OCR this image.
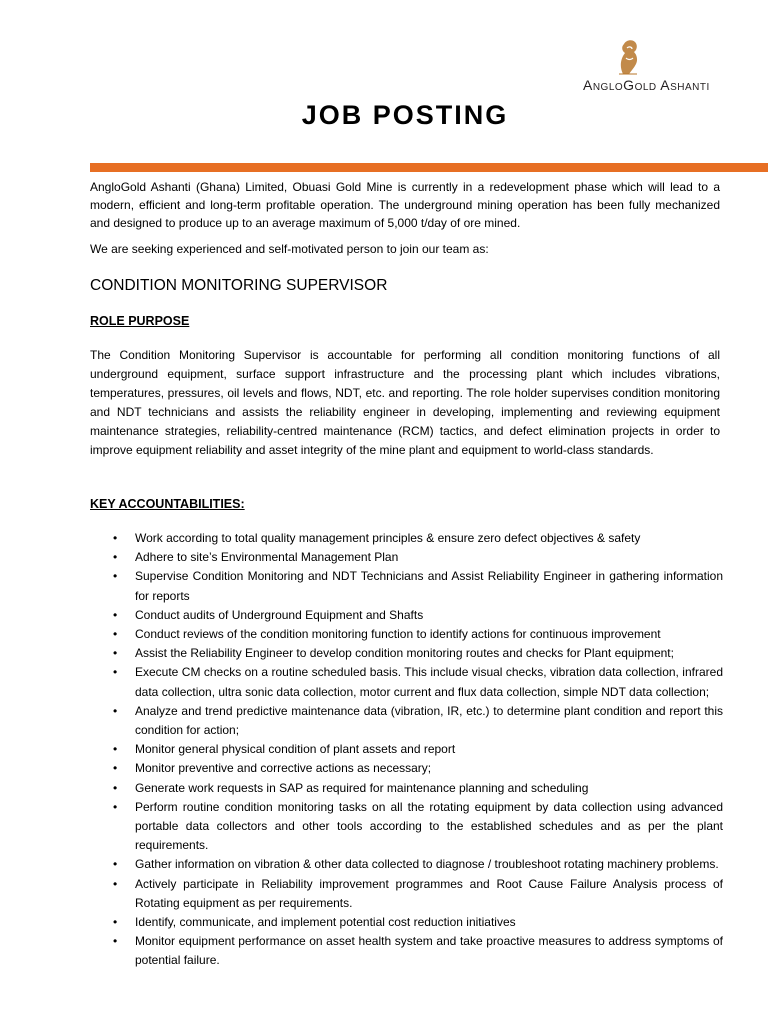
AngloGold Ashanti
JOB POSTING

AngloGold Ashanti (Ghana) Limited, Obuasi Gold Mine is currently in a redevelopment phase which will lead to a modern, efficient and long-term profitable operation. The underground mining operation has been fully mechanized and designed to produce up to an average maximum of 5,000 t/day of ore mined.

We are seeking experienced and self-motivated person to join our team as:

CONDITION MONITORING SUPERVISOR
ROLE PURPOSE

The Condition Monitoring Supervisor is accountable for performing all condition monitoring functions of all underground equipment, surface support infrastructure and the processing plant which includes vibrations, temperatures, pressures, oil levels and flows, NDT, etc. and reporting. The role holder supervises condition monitoring and NDT technicians and assists the reliability engineer in developing, implementing and reviewing equipment maintenance strategies, reliability-centred maintenance (RCM) tactics, and defect elimination projects in order to improve equipment reliability and asset integrity of the mine plant and equipment to world-class standards.

KEY ACCOUNTABILITIES:
• Work according to total quality management principles & ensure zero defect objectives & safety
• Adhere to site’s Environmental Management Plan
• Supervise Condition Monitoring and NDT Technicians and Assist Reliability Engineer in gathering information for reports
• Conduct audits of Underground Equipment and Shafts
• Conduct reviews of the condition monitoring function to identify actions for continuous improvement
• Assist the Reliability Engineer to develop condition monitoring routes and checks for Plant equipment;
• Execute CM checks on a routine scheduled basis. This include visual checks, vibration data collection, infrared data collection, ultra sonic data collection, motor current and flux data collection, simple NDT data collection;
• Analyze and trend predictive maintenance data (vibration, IR, etc.) to determine plant condition and report this condition for action;
• Monitor general physical condition of plant assets and report
• Monitor preventive and corrective actions as necessary;
• Generate work requests in SAP as required for maintenance planning and scheduling
• Perform routine condition monitoring tasks on all the rotating equipment by data collection using advanced portable data collectors and other tools according to the established schedules and as per the plant requirements.
• Gather information on vibration & other data collected to diagnose / troubleshoot rotating machinery problems.
• Actively participate in Reliability improvement programmes and Root Cause Failure Analysis process of Rotating equipment as per requirements.
• Identify, communicate, and implement potential cost reduction initiatives
• Monitor equipment performance on asset health system and take proactive measures to address symptoms of potential failure.
